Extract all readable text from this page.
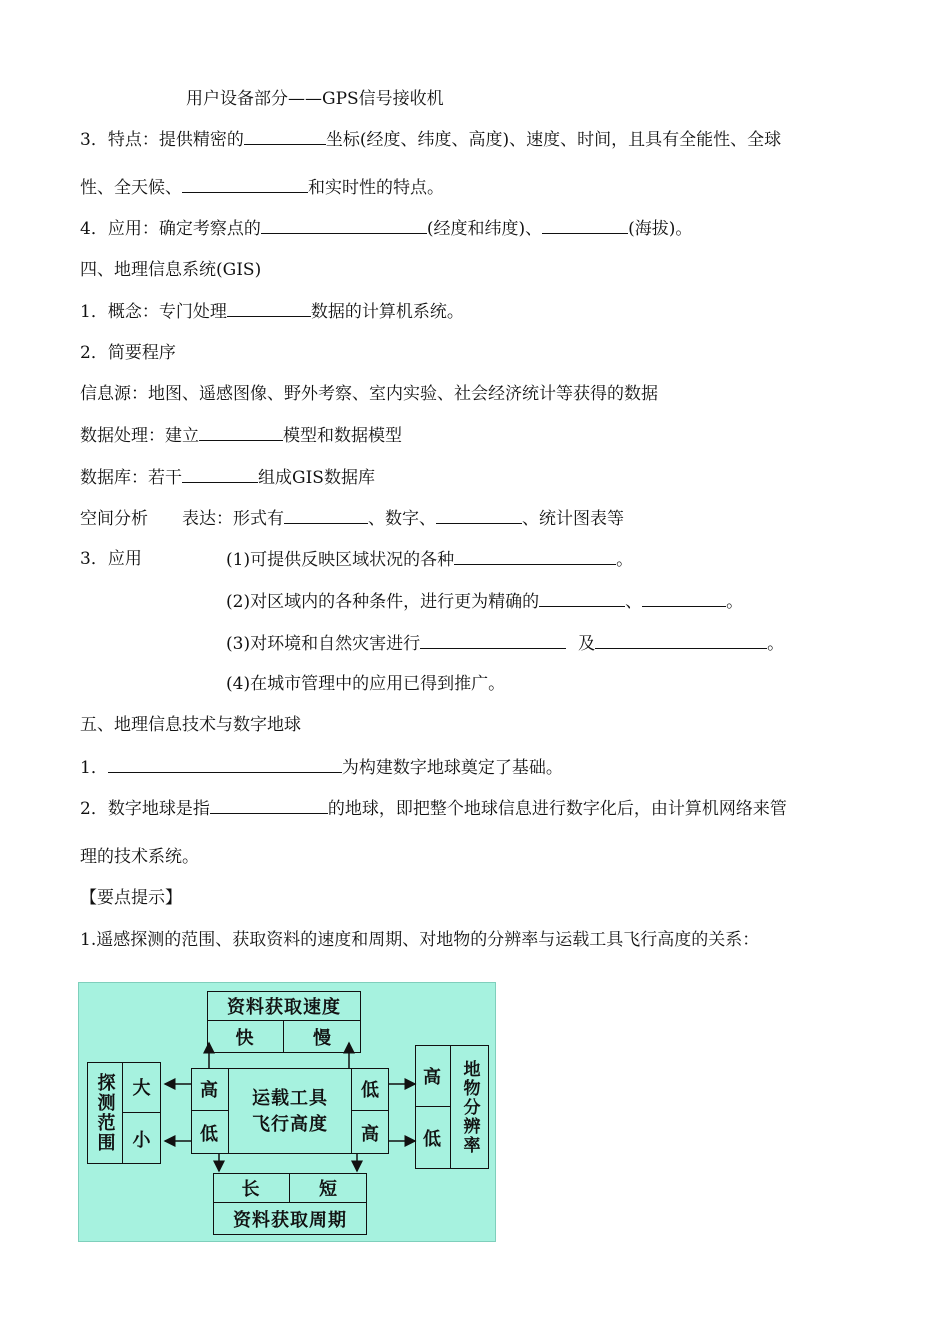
用户设备部分——GPS信号接收机
3．特点：提供精密的	坐标(经度、纬度、高度)、速度、时间，且具有全能性、全球
性、全天候、	和实时性的特点。
4．应用：确定考察点的	(经度和纬度)、	(海拔)。
四、地理信息系统(GIS)
1．概念：专门处理	数据的计算机系统。
2．简要程序
信息源：地图、遥感图像、野外考察、室内实验、社会经济统计等获得的数据
数据处理：建立	模型和数据模型
数据库：若干	组成GIS数据库
空间分析　　表达：形式有	、数字、	、统计图表等
3．应用	(1)可提供反映区域状况的各种	。
(2)对区域内的各种条件，进行更为精确的	、	。
(3)对环境和自然灾害进行	及	。
(4)在城市管理中的应用已得到推广。
五、地理信息技术与数字地球
1．	为构建数字地球奠定了基础。
2．数字地球是指	的地球，即把整个地球信息进行数字化后，由计算机网络来管
理的技术系统。
【要点提示】
1.遥感探测的范围、获取资料的速度和周期、对地物的分辨率与运载工具飞行高度的关系：
资料获取速度
快	慢
探测范围 大
小
高
低
运载工具
飞行高度
低
高
高
低	地物分辨率
长	短
资料获取周期
